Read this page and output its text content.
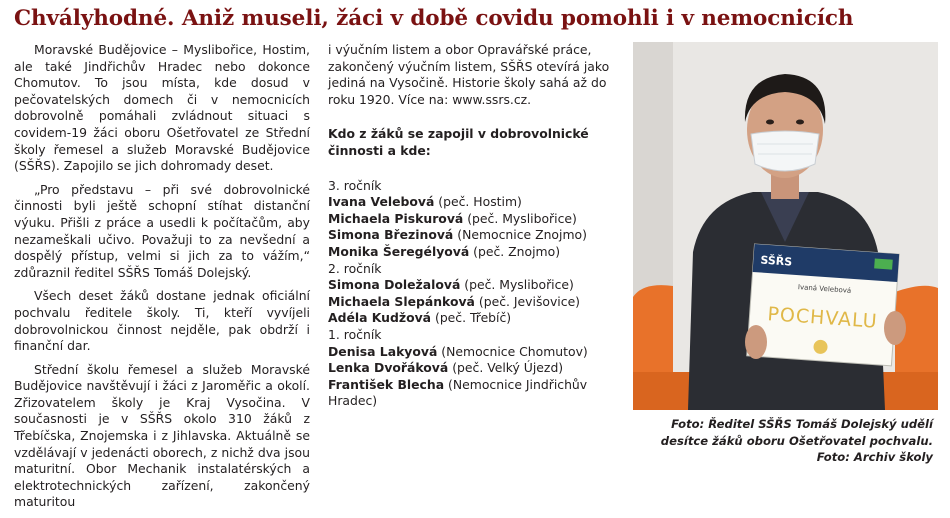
Chvályhodné. Aniž museli, žáci v době covidu pomohli i v nemocnicích

Moravské Budějovice – Myslibořice, Hostim, ale také Jindřichův Hradec nebo dokonce Chomutov. To jsou místa, kde dosud v pečovatelských domech či v nemocnicích dobrovolně pomáhali zvládnout situaci s covidem-19 žáci oboru Ošetřovatel ze Střední školy řemesel a služeb Moravské Budějovice (SŠŘS). Zapojilo se jich dohromady deset.

„Pro představu – při své dobrovolnické činnosti byli ještě schopní stíhat distanční výuku. Přišli z práce a usedli k počítačům, aby nezameškali učivo. Považuji to za nevšední a dospělý přístup, velmi si jich za to vážím,“ zdůraznil ředitel SŠŘS Tomáš Dolejský.

Všech deset žáků dostane jednak oficiální pochvalu ředitele školy. Ti, kteří vyvíjeli dobrovolnickou činnost nejděle, pak obdrží i finanční dar.

Střední školu řemesel a služeb Moravské Budějovice navštěvují i žáci z Jaroměřic a okolí. Zřizovatelem školy je Kraj Vysočina. V současnosti je v SŠŘS okolo 310 žáků z Třebíčska, Znojemska i z Jihlavska. Aktuálně se vzdělávají v jedenácti oborech, z nichž dva jsou maturitní. Obor Mechanik instalatérských a elektrotechnických zařízení, zakončený maturitou

i výučním listem a obor Opravářské práce, zakončený výučním listem, SŠŘS otevírá jako jediná na Vysočině. Historie školy sahá až do roku 1920. Více na: www.ssrs.cz.

Kdo z žáků se zapojil v dobrovolnické činnosti a kde:

3. ročník
Ivana Velebová (peč. Hostim)
Michaela Piskurová (peč. Myslibořice)
Simona Březinová (Nemocnice Znojmo)
Monika Šeregélyová (peč. Znojmo)
2. ročník
Simona Doležalová (peč. Myslibořice)
Michaela Slepánková (peč. Jevišovice)
Adéla Kudžová (peč. Třebíč)
1. ročník
Denisa Lakyová (Nemocnice Chomutov)
Lenka Dvořáková (peč. Velký Újezd)
František Blecha (Nemocnice Jindřichův Hradec)
SŠŘS
Ivaná Velebová
POCHVALU
Foto: Ředitel SŠŘS Tomáš Dolejský udělí
desítce žáků oboru Ošetřovatel pochvalu.
Foto: Archiv školy
